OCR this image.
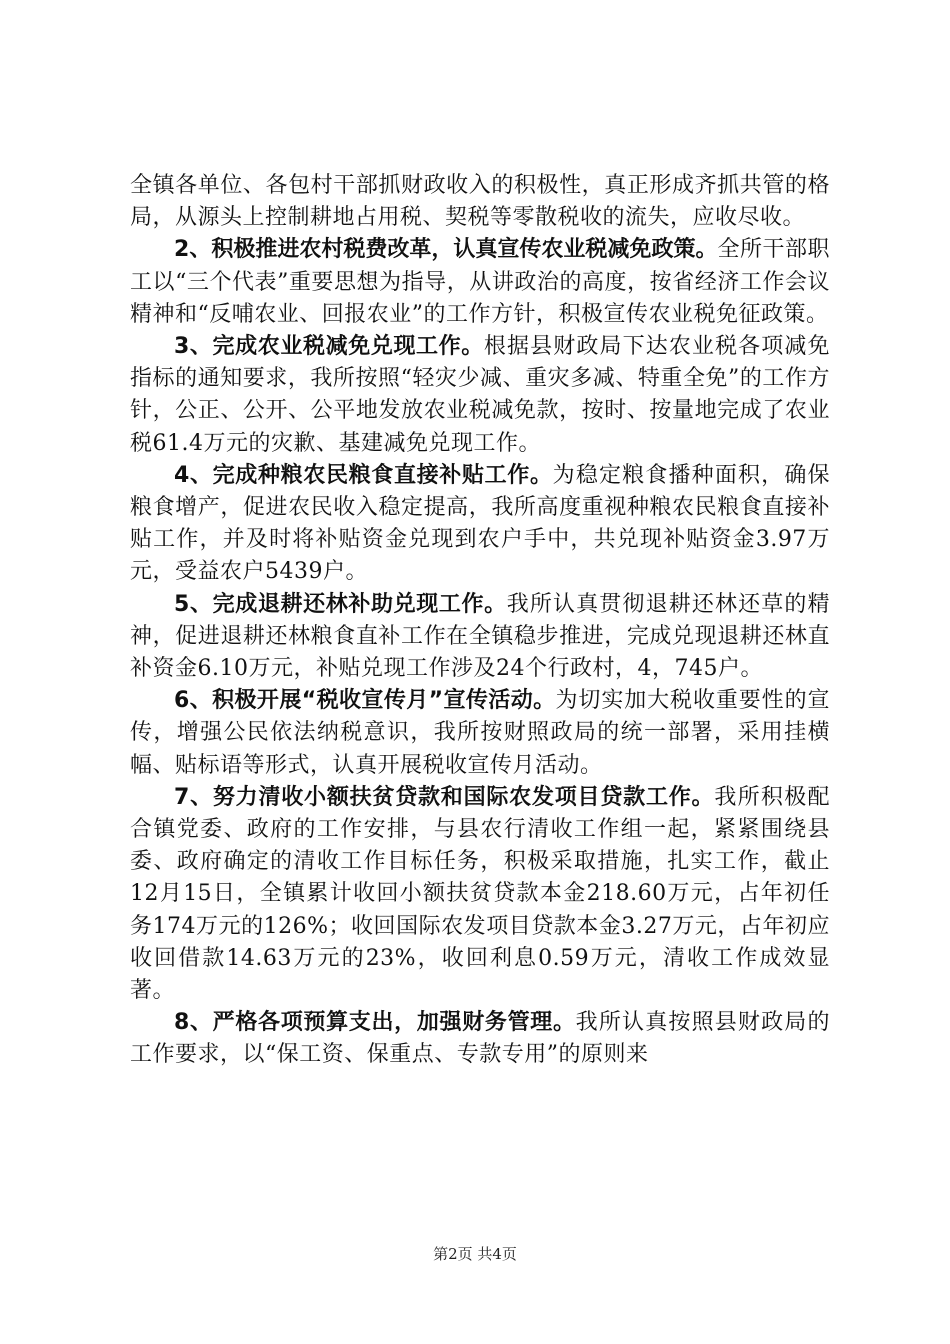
全镇各单位、各包村干部抓财政收入的积极性，真正形成齐抓共管的格局，从源头上控制耕地占用税、契税等零散税收的流失，应收尽收。

2、积极推进农村税费改革，认真宣传农业税减免政策。全所干部职工以“三个代表”重要思想为指导，从讲政治的高度，按省经济工作会议精神和“反哺农业、回报农业”的工作方针，积极宣传农业税免征政策。

3、完成农业税减免兑现工作。根据县财政局下达农业税各项减免指标的通知要求，我所按照“轻灾少减、重灾多减、特重全免”的工作方针，公正、公开、公平地发放农业税减免款，按时、按量地完成了农业税61.4万元的灾歉、基建减免兑现工作。

4、完成种粮农民粮食直接补贴工作。为稳定粮食播种面积，确保粮食增产，促进农民收入稳定提高，我所高度重视种粮农民粮食直接补贴工作，并及时将补贴资金兑现到农户手中，共兑现补贴资金3.97万元，受益农户5439户。

5、完成退耕还林补助兑现工作。我所认真贯彻退耕还林还草的精神，促进退耕还林粮食直补工作在全镇稳步推进，完成兑现退耕还林直补资金6.10万元，补贴兑现工作涉及24个行政村，4，745户。

6、积极开展“税收宣传月”宣传活动。为切实加大税收重要性的宣传，增强公民依法纳税意识，我所按财照政局的统一部署，采用挂横幅、贴标语等形式，认真开展税收宣传月活动。

7、努力清收小额扶贫贷款和国际农发项目贷款工作。我所积极配合镇党委、政府的工作安排，与县农行清收工作组一起，紧紧围绕县委、政府确定的清收工作目标任务，积极采取措施，扎实工作，截止12月15日，全镇累计收回小额扶贫贷款本金218.60万元，占年初任务174万元的126%；收回国际农发项目贷款本金3.27万元，占年初应收回借款14.63万元的23%，收回利息0.59万元，清收工作成效显著。

8、严格各项预算支出，加强财务管理。我所认真按照县财政局的工作要求，以“保工资、保重点、专款专用”的原则来

第2页 共4页
